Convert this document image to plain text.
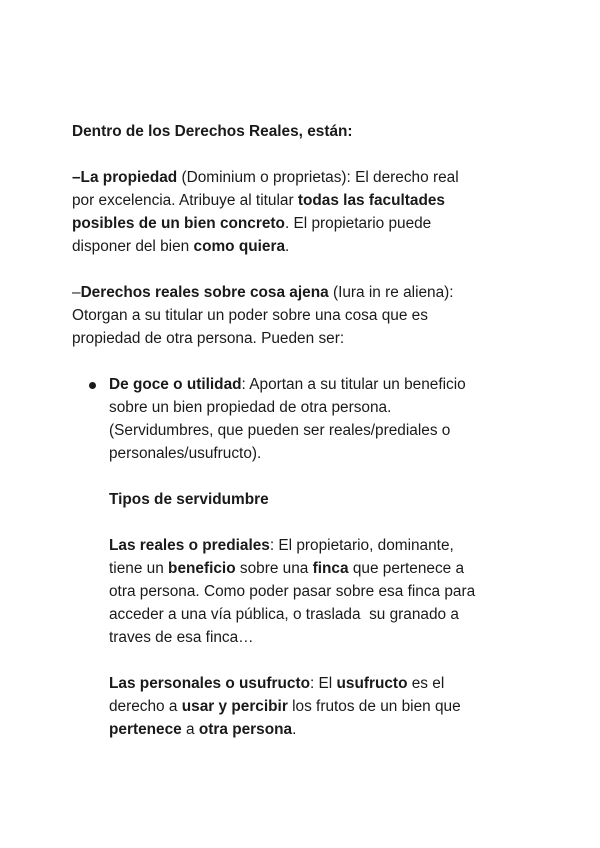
Dentro de los Derechos Reales, están:

–La propiedad (Dominium o proprietas): El derecho real
por excelencia. Atribuye al titular todas las facultades
posibles de un bien concreto. El propietario puede
disponer del bien como quiera.

–Derechos reales sobre cosa ajena (Iura in re aliena):
Otorgan a su titular un poder sobre una cosa que es
propiedad de otra persona. Pueden ser:

De goce o utilidad: Aportan a su titular un beneficio
sobre un bien propiedad de otra persona.
(Servidumbres, que pueden ser reales/prediales o
personales/usufructo).

Tipos de servidumbre

Las reales o prediales: El propietario, dominante,
tiene un beneficio sobre una finca que pertenece a
otra persona. Como poder pasar sobre esa finca para
acceder a una vía pública, o traslada  su granado a
traves de esa finca…

Las personales o usufructo: El usufructo es el
derecho a usar y percibir los frutos de un bien que
pertenece a otra persona.
